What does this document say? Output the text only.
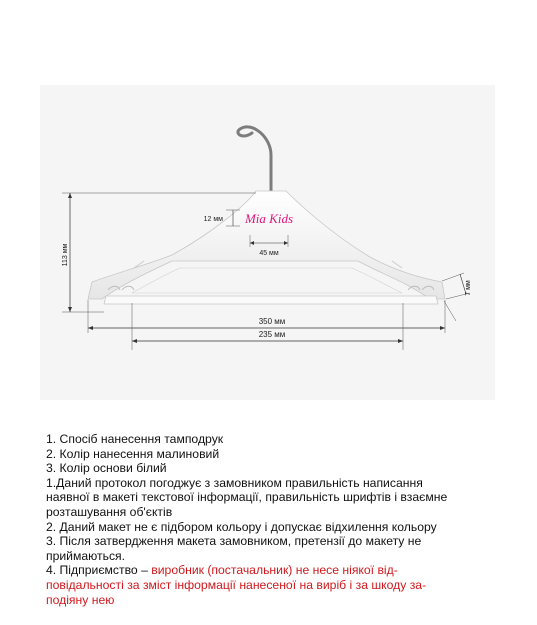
Mia Kids
113 мм
12 мм
45 мм
350 мм
235 мм
7 мм
1. Спосіб нанесення тамподрук
2. Колір нанесення малиновий
3. Колір основи білий
1.Даний протокол погоджує з замовником правильність написання
наявної в макеті текстової інформації, правильність шрифтів і взаємне
розташування об'єктів
2. Даний макет не є підбором кольору і допускає відхилення кольору
3. Після затвердження макета замовником, претензії до макету не
приймаються.
4. Підприємство – виробник (постачальник) не несе ніякої від-
повідальності за зміст інформації нанесеної на виріб і за шкоду за-
подіяну нею
